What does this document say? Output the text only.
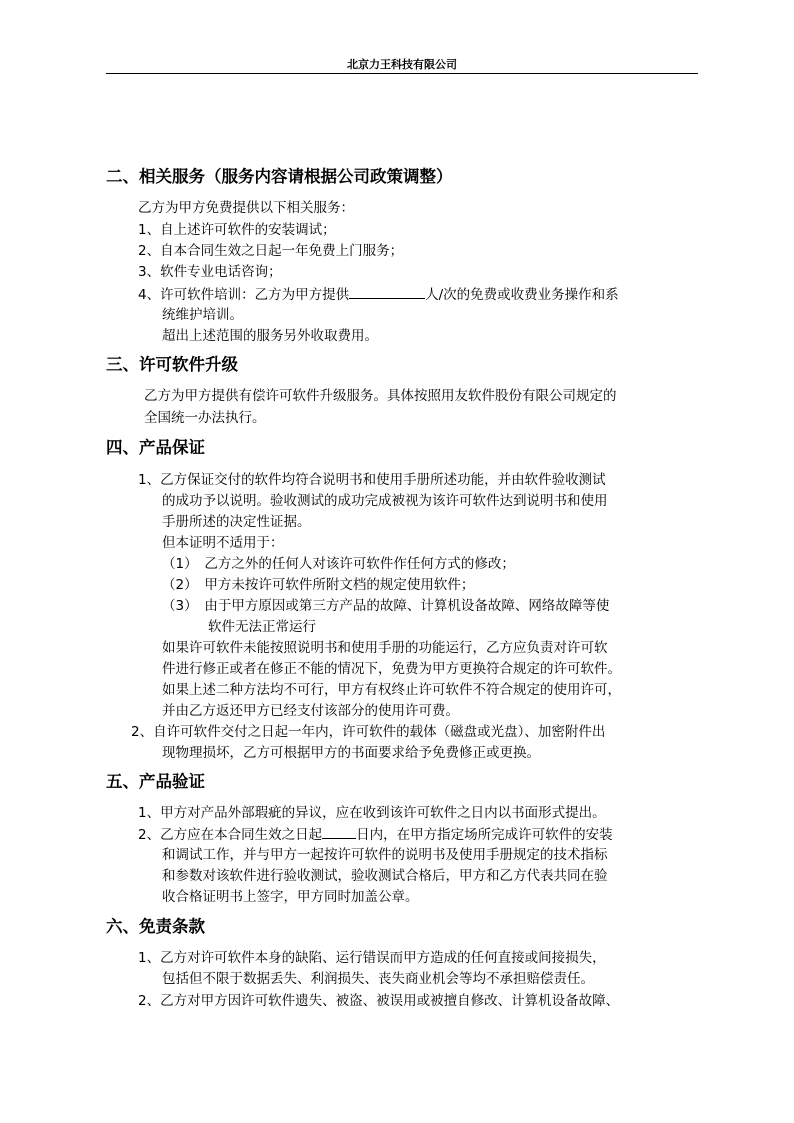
北京力王科技有限公司
二、相关服务（服务内容请根据公司政策调整）
乙方为甲方免费提供以下相关服务：
1、自上述许可软件的安装调试；
2、自本合同生效之日起一年免费上门服务；
3、软件专业电话咨询；
4、许可软件培训：乙方为甲方提供	人/次的免费或收费业务操作和系
统维护培训。
超出上述范围的服务另外收取费用。
三、许可软件升级
乙方为甲方提供有偿许可软件升级服务。具体按照用友软件股份有限公司规定的
全国统一办法执行。
四、产品保证
1、乙方保证交付的软件均符合说明书和使用手册所述功能，并由软件验收测试
的成功予以说明。验收测试的成功完成被视为该许可软件达到说明书和使用
手册所述的决定性证据。
但本证明不适用于：
（1）　乙方之外的任何人对该许可软件作任何方式的修改；
（2）　甲方未按许可软件所附文档的规定使用软件；
（3）　由于甲方原因或第三方产品的故障、计算机设备故障、网络故障等使
软件无法正常运行
如果许可软件未能按照说明书和使用手册的功能运行，乙方应负责对许可软
件进行修正或者在修正不能的情况下，免费为甲方更换符合规定的许可软件。
如果上述二种方法均不可行，甲方有权终止许可软件不符合规定的使用许可，
并由乙方返还甲方已经支付该部分的使用许可费。
2、自许可软件交付之日起一年内，许可软件的载体（磁盘或光盘）、加密附件出
现物理损坏，乙方可根据甲方的书面要求给予免费修正或更换。
五、产品验证
1、甲方对产品外部瑕疵的异议，应在收到该许可软件之日内以书面形式提出。
2、乙方应在本合同生效之日起	日内，在甲方指定场所完成许可软件的安装
和调试工作，并与甲方一起按许可软件的说明书及使用手册规定的技术指标
和参数对该软件进行验收测试，验收测试合格后，甲方和乙方代表共同在验
收合格证明书上签字，甲方同时加盖公章。
六、免责条款
1、乙方对许可软件本身的缺陷、运行错误而甲方造成的任何直接或间接损失，
包括但不限于数据丢失、利润损失、丧失商业机会等均不承担赔偿责任。
2、乙方对甲方因许可软件遗失、被盗、被误用或被擅自修改、计算机设备故障、
